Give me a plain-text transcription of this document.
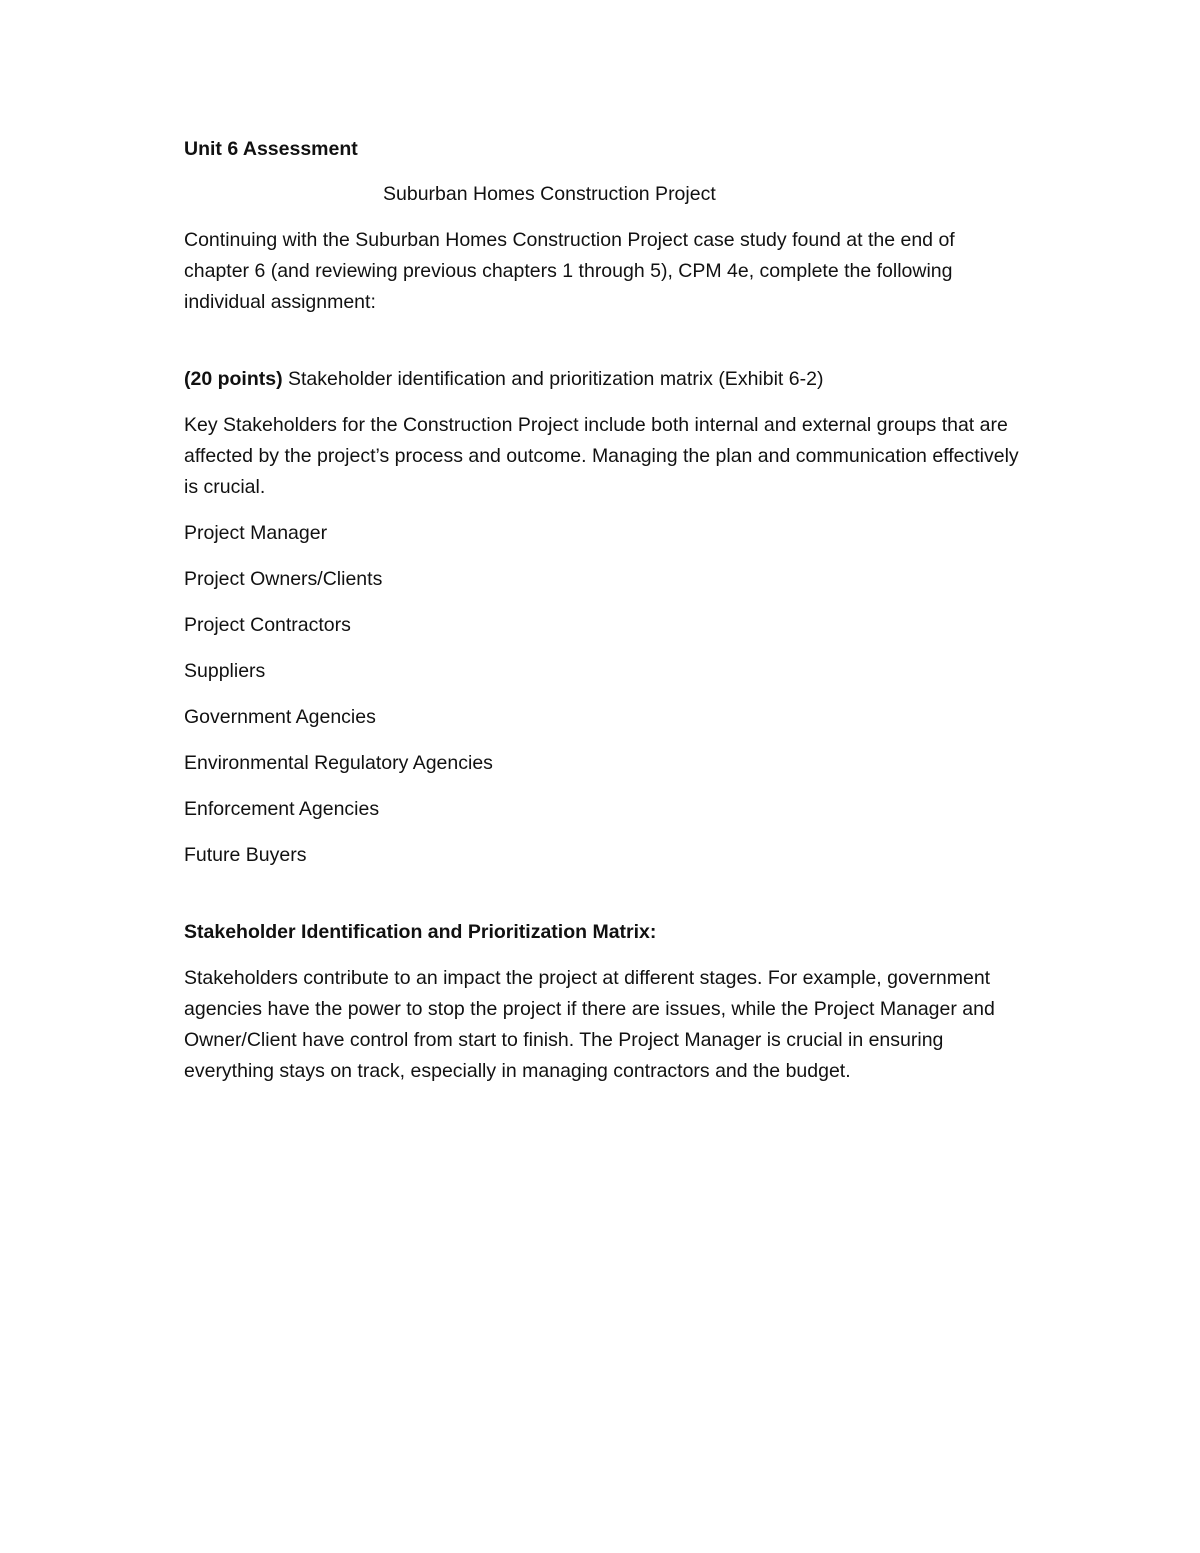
Unit 6 Assessment
Suburban Homes Construction Project

Continuing with the Suburban Homes Construction Project case study found at the end of chapter 6 (and reviewing previous chapters 1 through 5), CPM 4e, complete the following individual assignment:

(20 points) Stakeholder identification and prioritization matrix (Exhibit 6-2)

Key Stakeholders for the Construction Project include both internal and external groups that are affected by the project’s process and outcome. Managing the plan and communication effectively is crucial.

Project Manager
Project Owners/Clients
Project Contractors
Suppliers
Government Agencies
Environmental Regulatory Agencies
Enforcement Agencies
Future Buyers
Stakeholder Identification and Prioritization Matrix:

Stakeholders contribute to an impact the project at different stages. For example, government agencies have the power to stop the project if there are issues, while the Project Manager and Owner/Client have control from start to finish. The Project Manager is crucial in ensuring everything stays on track, especially in managing contractors and the budget.
